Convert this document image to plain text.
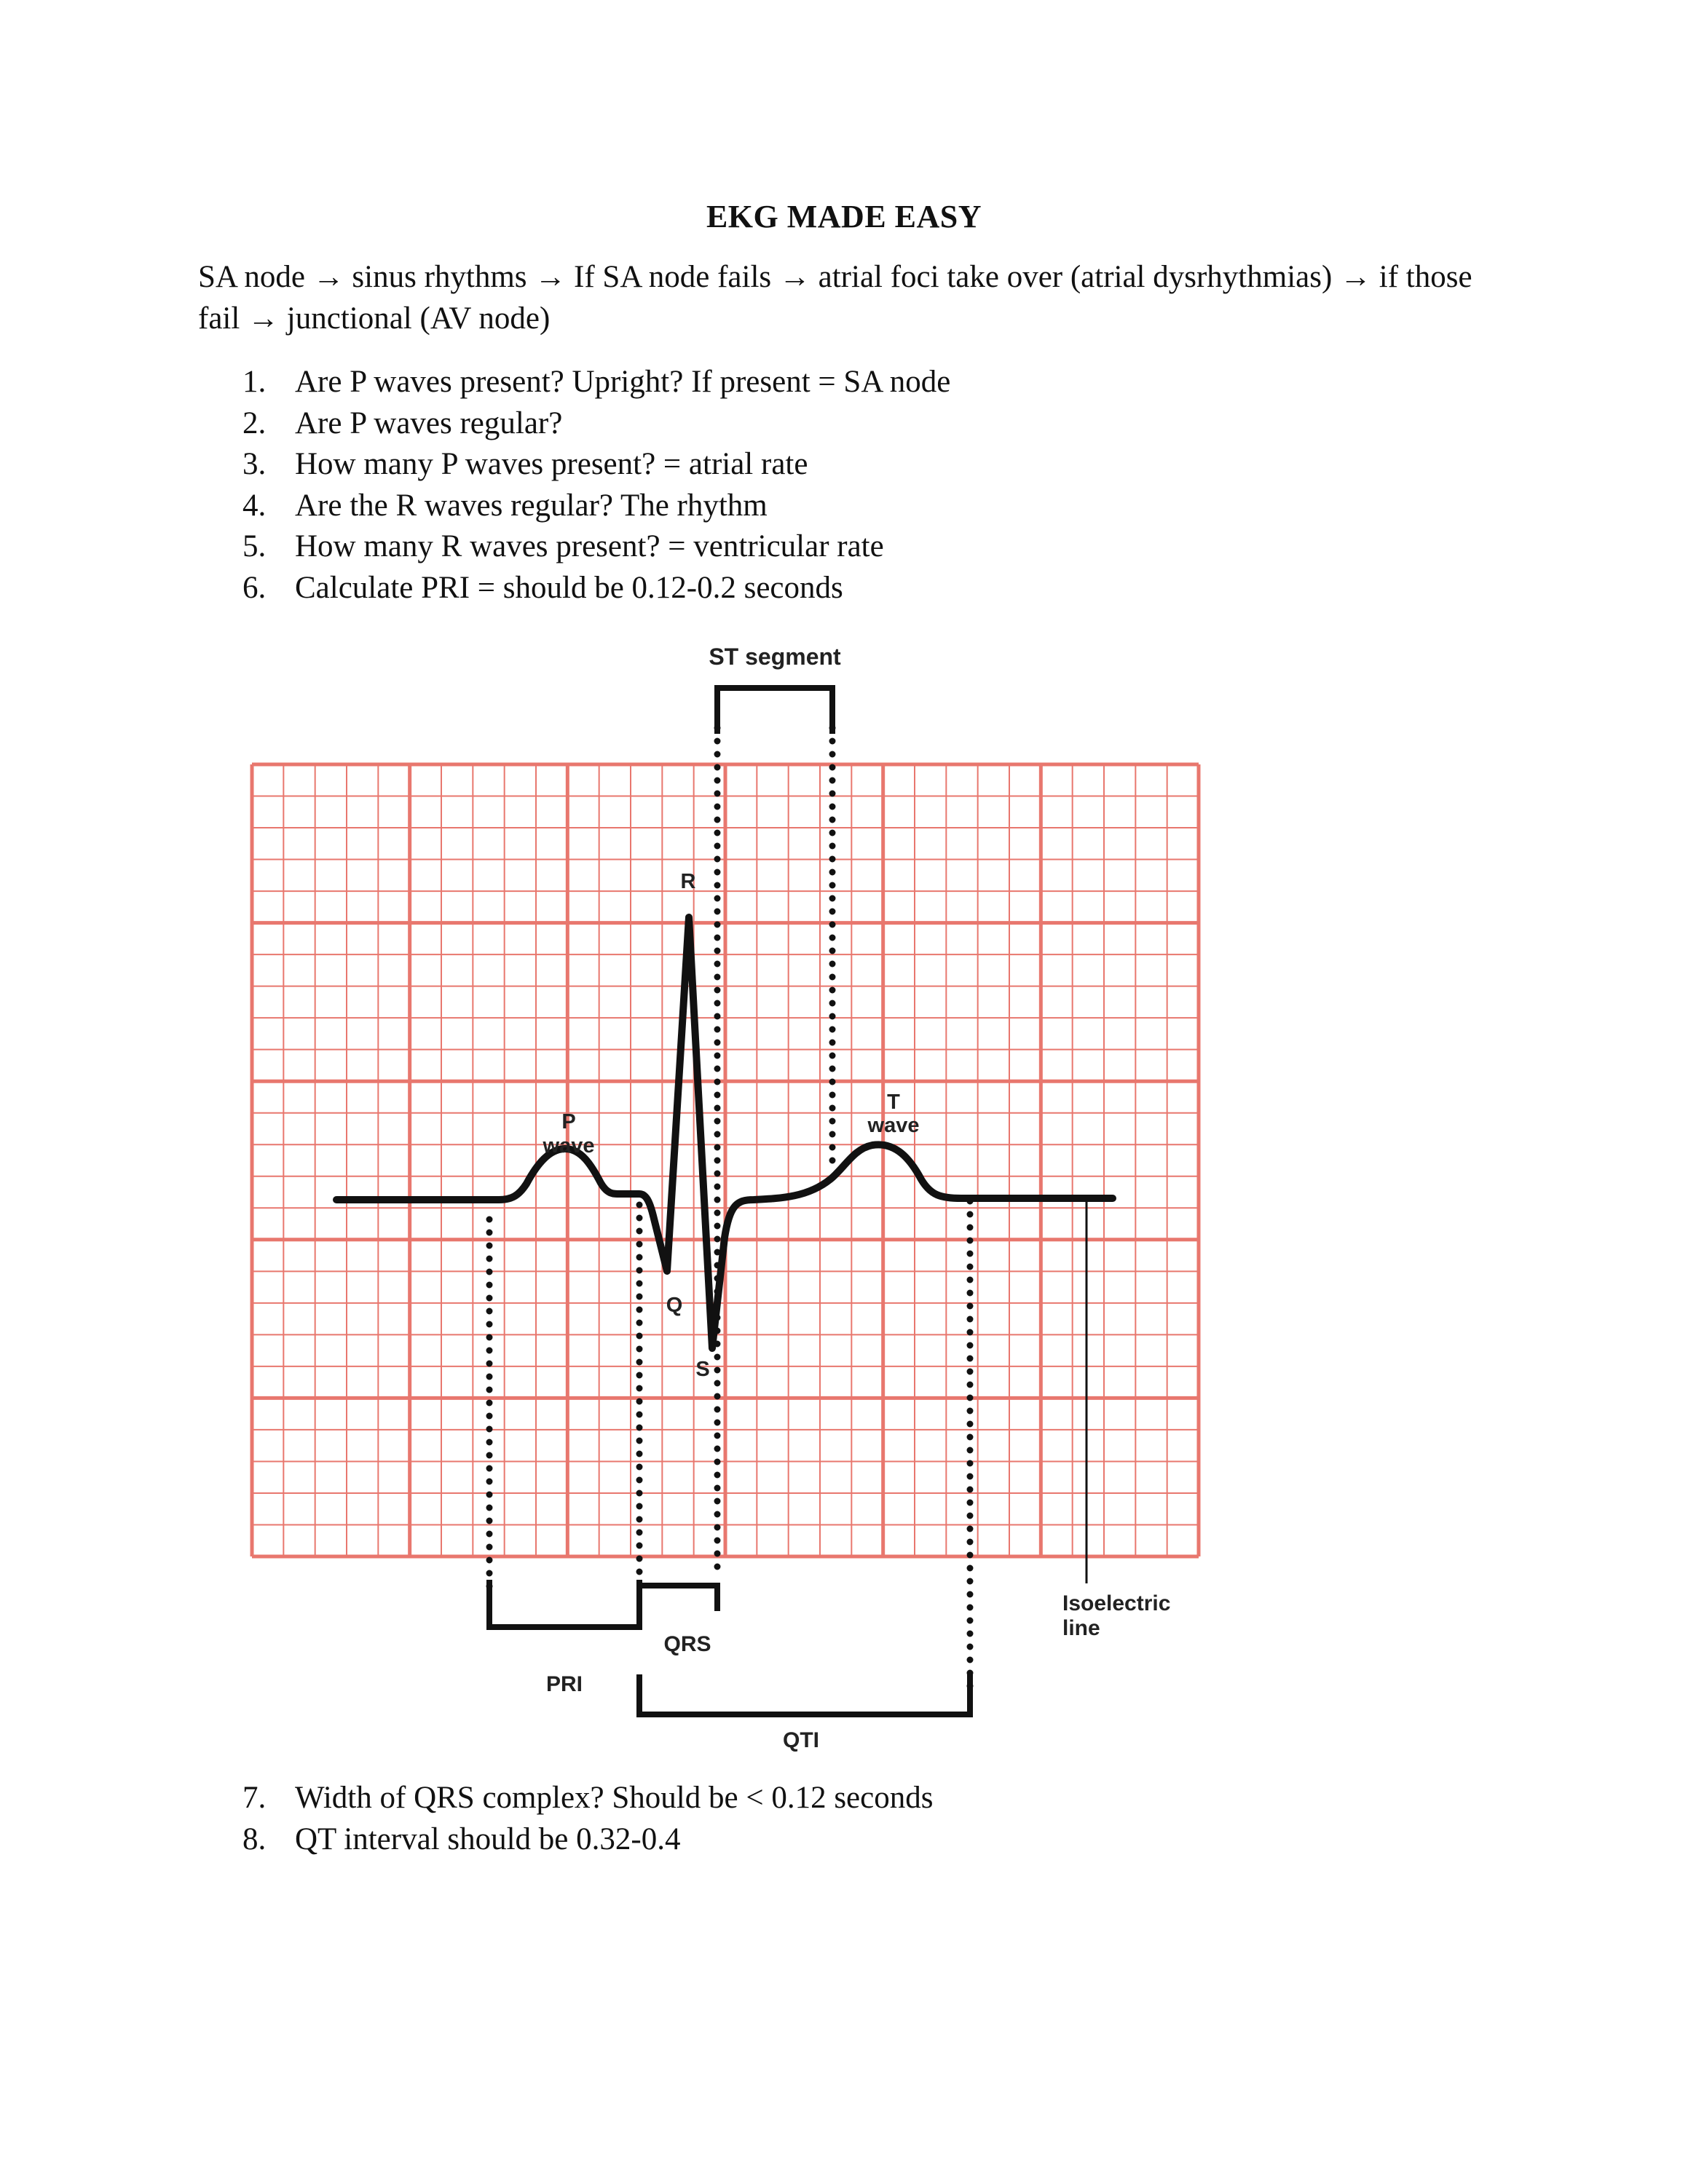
EKG MADE EASY
SA node → sinus rhythms → If SA node fails → atrial foci take over (atrial dysrhythmias) → if those fail → junctional (AV node)
1. Are P waves present? Upright? If present = SA node
2. Are P waves regular?
3. How many P waves present? = atrial rate
4. Are the R waves regular? The rhythm
5. How many R waves present? = ventricular rate
6. Calculate PRI = should be 0.12-0.2 seconds
ST segment
R
T
wave
P
wave
Q
S
QRS
PRI
QTI
Isoelectric
line
7. Width of QRS complex? Should be < 0.12 seconds
8. QT interval should be 0.32-0.4
